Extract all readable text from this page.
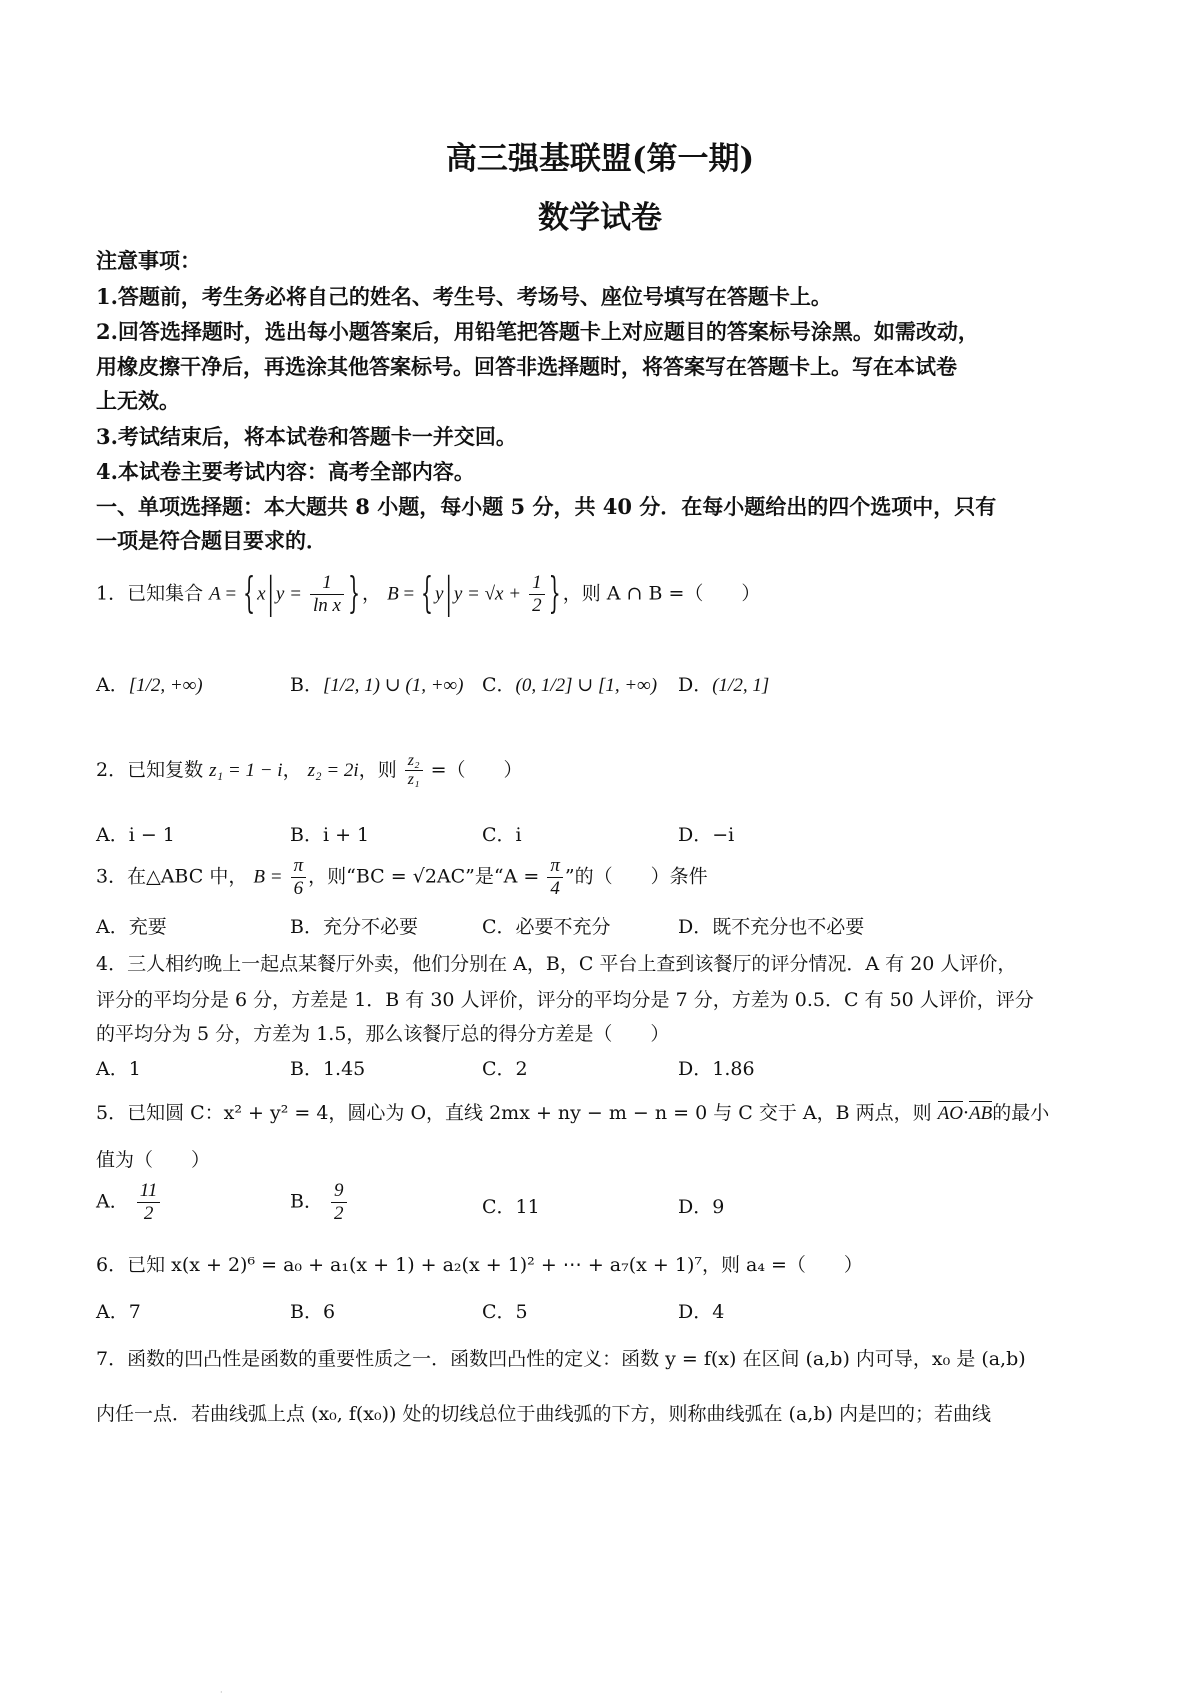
高三强基联盟(第一期)
数学试卷
注意事项：
1.答题前，考生务必将自己的姓名、考生号、考场号、座位号填写在答题卡上。
2.回答选择题时，选出每小题答案后，用铅笔把答题卡上对应题目的答案标号涂黑。如需改动，
用橡皮擦干净后，再选涂其他答案标号。回答非选择题时，将答案写在答题卡上。写在本试卷
上无效。
3.考试结束后，将本试卷和答题卡一并交回。
4.本试卷主要考试内容：高考全部内容。
一、单项选择题：本大题共 8 小题，每小题 5 分，共 40 分．在每小题给出的四个选项中，只有
一项是符合题目要求的．
1．已知集合 A = { x | $y = \frac{1}{\text{ln x}}$ } ， B = { y | $y = √x + \frac{1}{2}$ } ，则 A ∩ B =（　　）
A．[1/2, +∞)	B．[1/2, 1) ∪ (1, +∞) C．(0, 1/2] ∪ [1, +∞) D．(1/2, 1]
2．已知复数 z₁ = 1 − i， z₂ = 2i，则 $\frac{\text{z₂}}{\text{z₁}}$ =（　　）
A．i − 1	B．i + 1	C．i	D．−i
3．在△ABC 中， $B = \frac{\pi}{6}$ ，则“BC = √2AC”是“$A = \frac{\pi}{4}$ ”的（　　）条件
A．充要	B．充分不必要	C．必要不充分	D．既不充分也不必要
4．三人相约晚上一起点某餐厅外卖，他们分别在 A，B，C 平台上查到该餐厅的评分情况．A 有 20 人评价，
评分的平均分是 6 分，方差是 1．B 有 30 人评价，评分的平均分是 7 分，方差为 0.5．C 有 50 人评价，评分
的平均分为 5 分，方差为 1.5，那么该餐厅总的得分方差是（　　）
A．1	B．1.45	C．2	D．1.86
5．已知圆 C：x² + y² = 4，圆心为 O，直线 2mx + ny − m − n = 0 与 C 交于 A，B 两点，则 AO·AB的最小
值为（　　）
A． $\frac{11}{2}$	B． $\frac{9}{2}$	C．11	D．9
6．已知 x(x + 2)⁶ = a₀ + a₁(x + 1) + a₂(x + 1)² + ⋯ + a₇(x + 1)⁷，则 a₄ =（　　）
A．7	B．6	C．5	D．4
7．函数的凹凸性是函数的重要性质之一．函数凹凸性的定义：函数 y = f(x) 在区间 (a,b) 内可导，x₀ 是 (a,b)
内任一点．若曲线弧上点 (x₀, f(x₀)) 处的切线总位于曲线弧的下方，则称曲线弧在 (a,b) 内是凹的；若曲线
·
